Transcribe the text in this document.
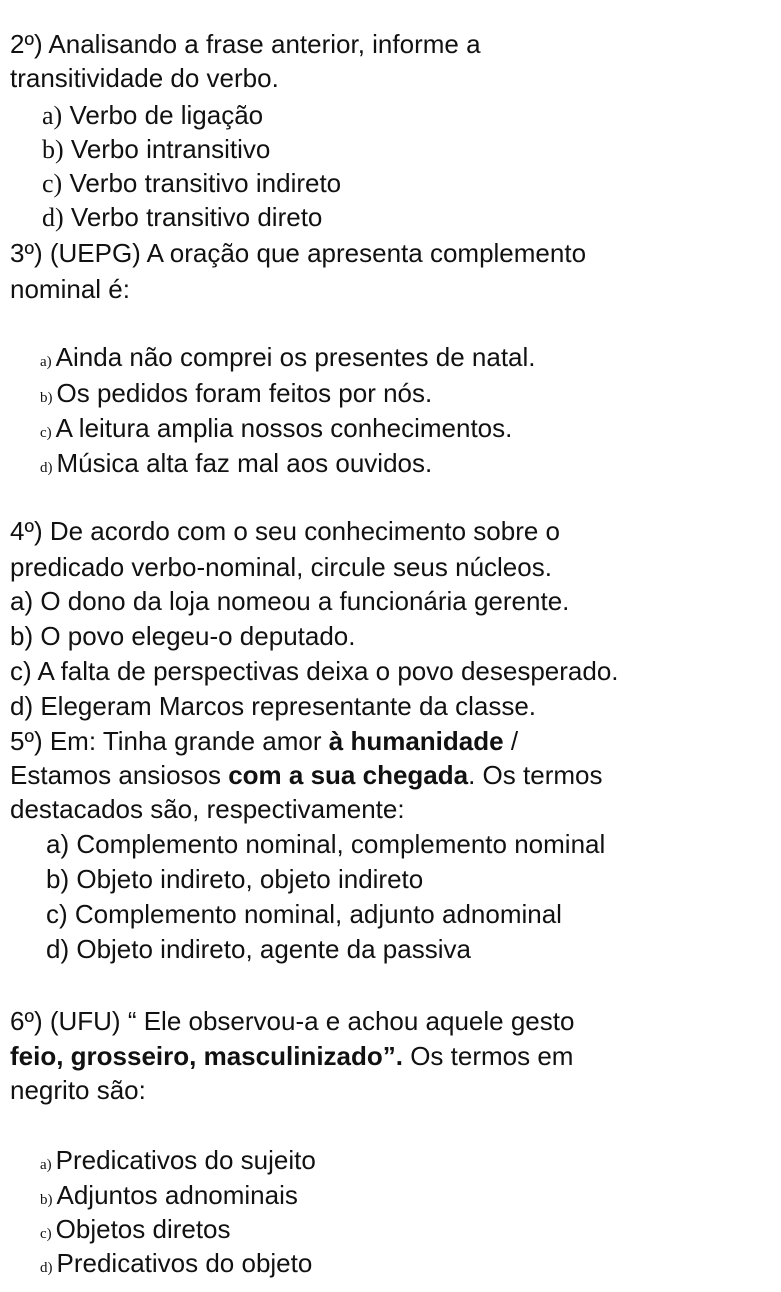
2º) Analisando a frase anterior, informe a
transitividade do verbo.
a) Verbo de ligação
b) Verbo intransitivo
c) Verbo transitivo indireto
d) Verbo transitivo direto
3º) (UEPG) A oração que apresenta complemento
nominal é:
a) Ainda não comprei os presentes de natal.
b) Os pedidos foram feitos por nós.
c) A leitura amplia nossos conhecimentos.
d) Música alta faz mal aos ouvidos.
4º) De acordo com o seu conhecimento sobre o
predicado verbo-nominal, circule seus núcleos.
a) O dono da loja nomeou a funcionária gerente.
b) O povo elegeu-o deputado.
c) A falta de perspectivas deixa o povo desesperado.
d) Elegeram Marcos representante da classe.
5º) Em: Tinha grande amor à humanidade /
Estamos ansiosos com a sua chegada. Os termos
destacados são, respectivamente:
a) Complemento nominal, complemento nominal
b) Objeto indireto, objeto indireto
c) Complemento nominal, adjunto adnominal
d) Objeto indireto, agente da passiva
6º) (UFU) “ Ele observou-a e achou aquele gesto
feio, grosseiro, masculinizado”. Os termos em
negrito são:
a) Predicativos do sujeito
b) Adjuntos adnominais
c) Objetos diretos
d) Predicativos do objeto
